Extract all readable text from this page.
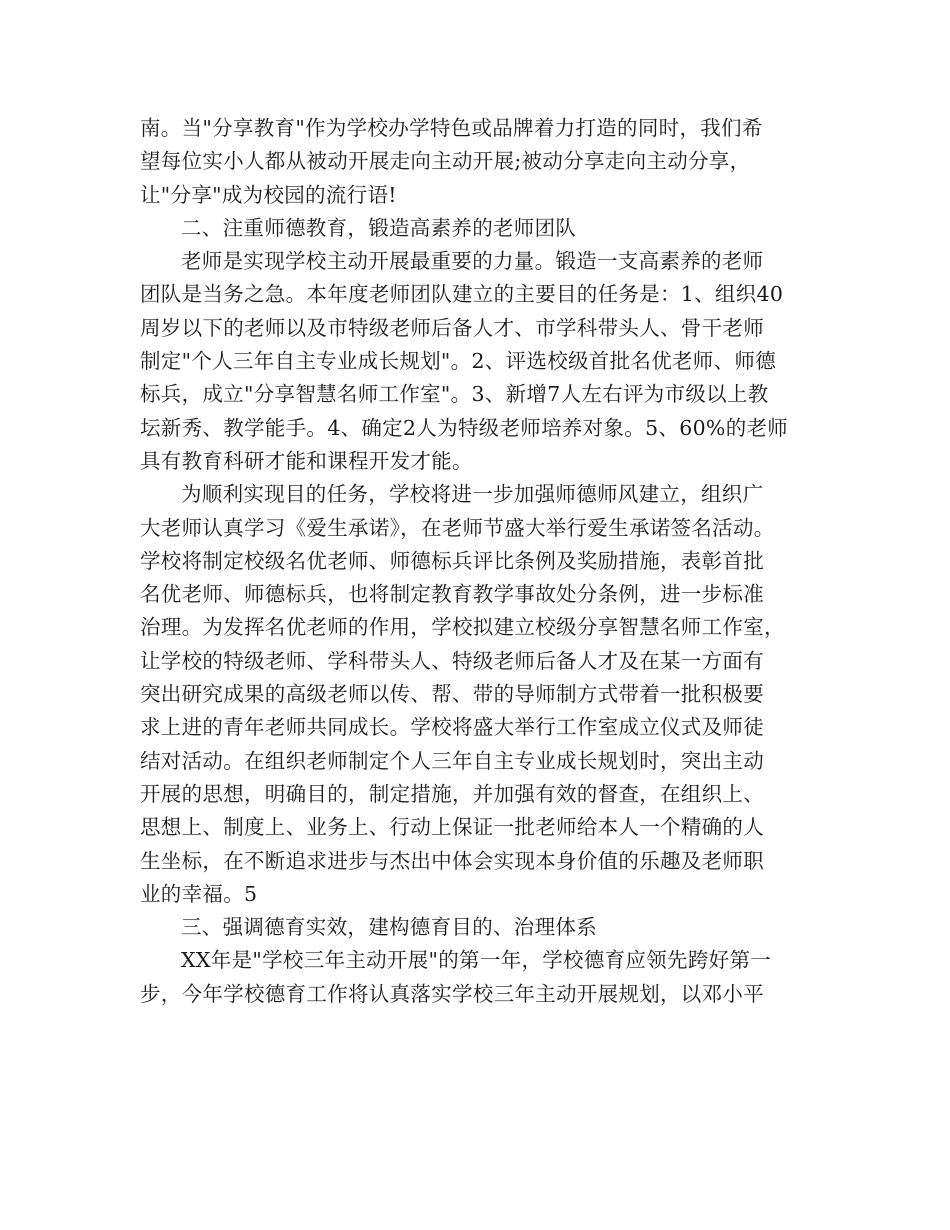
南。当"分享教育"作为学校办学特色或品牌着力打造的同时，我们希
望每位实小人都从被动开展走向主动开展;被动分享走向主动分享，
让"分享"成为校园的流行语!
二、注重师德教育，锻造高素养的老师团队
老师是实现学校主动开展最重要的力量。锻造一支高素养的老师
团队是当务之急。本年度老师团队建立的主要目的任务是：1、组织40
周岁以下的老师以及市特级老师后备人才、市学科带头人、骨干老师
制定"个人三年自主专业成长规划"。2、评选校级首批名优老师、师德
标兵，成立"分享智慧名师工作室"。3、新增7人左右评为市级以上教
坛新秀、教学能手。4、确定2人为特级老师培养对象。5、60%的老师
具有教育科研才能和课程开发才能。
为顺利实现目的任务，学校将进一步加强师德师风建立，组织广
大老师认真学习《爱生承诺》，在老师节盛大举行爱生承诺签名活动。
学校将制定校级名优老师、师德标兵评比条例及奖励措施，表彰首批
名优老师、师德标兵，也将制定教育教学事故处分条例，进一步标准
治理。为发挥名优老师的作用，学校拟建立校级分享智慧名师工作室，
让学校的特级老师、学科带头人、特级老师后备人才及在某一方面有
突出研究成果的高级老师以传、帮、带的导师制方式带着一批积极要
求上进的青年老师共同成长。学校将盛大举行工作室成立仪式及师徒
结对活动。在组织老师制定个人三年自主专业成长规划时，突出主动
开展的思想，明确目的，制定措施，并加强有效的督查，在组织上、
思想上、制度上、业务上、行动上保证一批老师给本人一个精确的人
生坐标，在不断追求进步与杰出中体会实现本身价值的乐趣及老师职
业的幸福。5
三、强调德育实效，建构德育目的、治理体系
XX年是"学校三年主动开展"的第一年，学校德育应领先跨好第一
步，今年学校德育工作将认真落实学校三年主动开展规划，以邓小平
